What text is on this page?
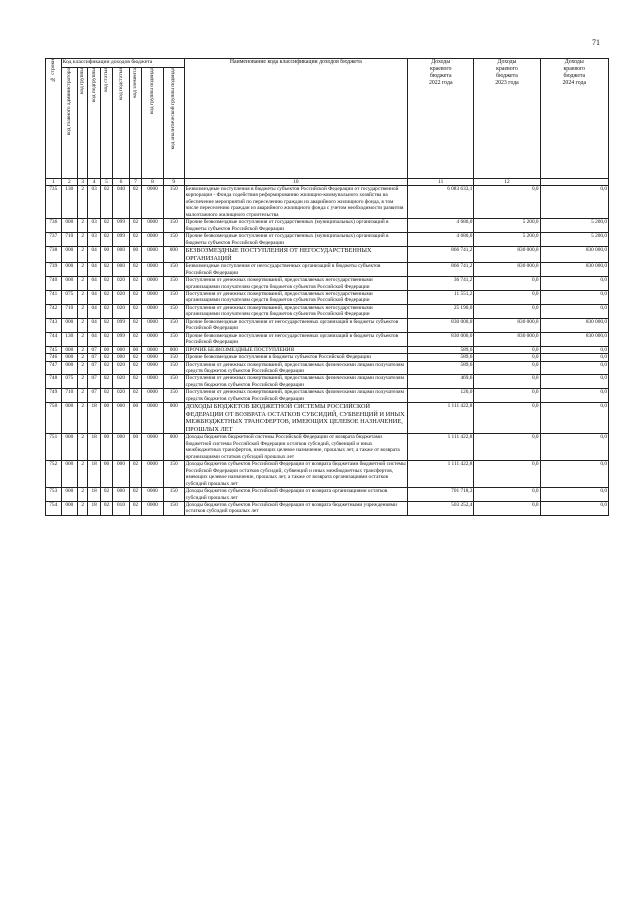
71
№ строки	Код классификации доходов бюджета								Наименование кода классификации доходов бюджета	Доходы
краевого
бюджета
2022 года	Доходы
краевого
бюджета
2023 года	Доходы
краевого
бюджета
2024 года

	код главного администратора	код группы	код подгруппы	код статьи	код подстатьи	код элемента	код группы подвида	код аналитической группы подвида				
1	2	3	4	5	6	7	8	9	10	11	12	
735	130	2	03	02	040	02	0000	150	Безвозмездные поступления в бюджеты субъектов Российской Федерации от государственной корпорации - Фонда содействия реформированию жилищно-коммунального хозяйства на обеспечение мероприятий по переселению граждан из аварийного жилищного фонда, в том числе переселению граждан из аварийного жилищного фонда с учетом необходимости развития малоэтажного жилищного строительства	6 083 633,1	0,0	0,0
736	000	2	03	02	099	02	0000	150	Прочие безвозмездные поступления от государственных (муниципальных) организаций в бюджеты субъектов Российской Федерации	4 680,0	5 200,0	5 200,0
737	710	2	03	02	099	02	0000	150	Прочие безвозмездные поступления от государственных (муниципальных) организаций в бюджеты субъектов Российской Федерации	4 680,0	5 200,0	5 200,0
738	000	2	04	00	000	00	0000	000	БЕЗВОЗМЕЗДНЫЕ ПОСТУПЛЕНИЯ ОТ НЕГОСУДАРСТВЕННЫХ ОРГАНИЗАЦИЙ	866 741,2	830 000,0	830 000,0
739	000	2	04	02	000	02	0000	150	Безвозмездные поступления от негосударственных организаций в бюджеты субъектов Российской Федерации	866 741,2	830 000,0	830 000,0
740	000	2	04	02	020	02	0000	150	Поступления от денежных пожертвований, предоставляемых негосударственными организациями получателям средств бюджетов субъектов Российской Федерации	36 741,2	0,0	0,0
741	075	2	04	02	020	02	0000	150	Поступления от денежных пожертвований, предоставляемых негосударственными организациями получателям средств бюджетов субъектов Российской Федерации	11 551,2	0,0	0,0
742	710	2	04	02	020	02	0000	150	Поступления от денежных пожертвований, предоставляемых негосударственными организациями получателям средств бюджетов субъектов Российской Федерации	25 190,0	0,0	0,0
743	000	2	04	02	099	02	0000	150	Прочие безвозмездные поступления от негосударственных организаций в бюджеты субъектов Российской Федерации	830 000,0	830 000,0	830 000,0
744	130	2	04	02	099	02	0000	150	Прочие безвозмездные поступления от негосударственных организаций в бюджеты субъектов Российской Федерации	830 000,0	830 000,0	830 000,0
745	000	2	07	00	000	00	0000	000	ПРОЧИЕ БЕЗВОЗМЕЗДНЫЕ ПОСТУПЛЕНИЯ	589,6	0,0	0,0
746	000	2	07	02	000	02	0000	150	Прочие безвозмездные поступления в бюджеты субъектов Российской Федерации	589,6	0,0	0,0
747	000	2	07	02	020	02	0000	150	Поступления от денежных пожертвований, предоставляемых физическими лицами получателям средств бюджетов субъектов Российской Федерации	589,6	0,0	0,0
748	075	2	07	02	020	02	0000	150	Поступления от денежных пожертвований, предоставляемых физическими лицами получателям средств бюджетов субъектов Российской Федерации	469,6	0,0	0,0
749	710	2	07	02	020	02	0000	150	Поступления от денежных пожертвований, предоставляемых физическими лицами получателям средств бюджетов субъектов Российской Федерации	120,0	0,0	0,0
750	000	2	18	00	000	00	0000	000	ДОХОДЫ БЮДЖЕТОВ БЮДЖЕТНОЙ СИСТЕМЫ РОССИЙСКОЙ ФЕДЕРАЦИИ ОТ ВОЗВРАТА ОСТАТКОВ СУБСИДИЙ, СУБВЕНЦИЙ И ИНЫХ МЕЖБЮДЖЕТНЫХ ТРАНСФЕРТОВ, ИМЕЮЩИХ ЦЕЛЕВОЕ НАЗНАЧЕНИЕ, ПРОШЛЫХ ЛЕТ	1 111 422,8	0,0	0,0
751	000	2	18	00	000	00	0000	000	Доходы бюджетов бюджетной системы Российской Федерации от возврата бюджетами бюджетной системы Российской Федерации остатков субсидий, субвенций и иных межбюджетных трансфертов, имеющих целевое назначение, прошлых лет, а также от возврата организациями остатков субсидий прошлых лет	1 111 422,8	0,0	0,0
752	000	2	18	00	000	02	0000	150	Доходы бюджетов субъектов Российской Федерации от возврата бюджетами бюджетной системы Российской Федерации остатков субсидий, субвенций и иных межбюджетных трансфертов, имеющих целевое назначение, прошлых лет, а также от возврата организациями остатков субсидий прошлых лет	1 111 422,8	0,0	0,0
753	000	2	18	02	000	02	0000	150	Доходы бюджетов субъектов Российской Федерации от возврата организациями остатков субсидий прошлых лет	701 718,3	0,0	0,0
754	000	2	18	02	010	02	0000	150	Доходы бюджетов субъектов Российской Федерации от возврата бюджетными учреждениями остатков субсидий прошлых лет	503 252,4	0,0	0,0
